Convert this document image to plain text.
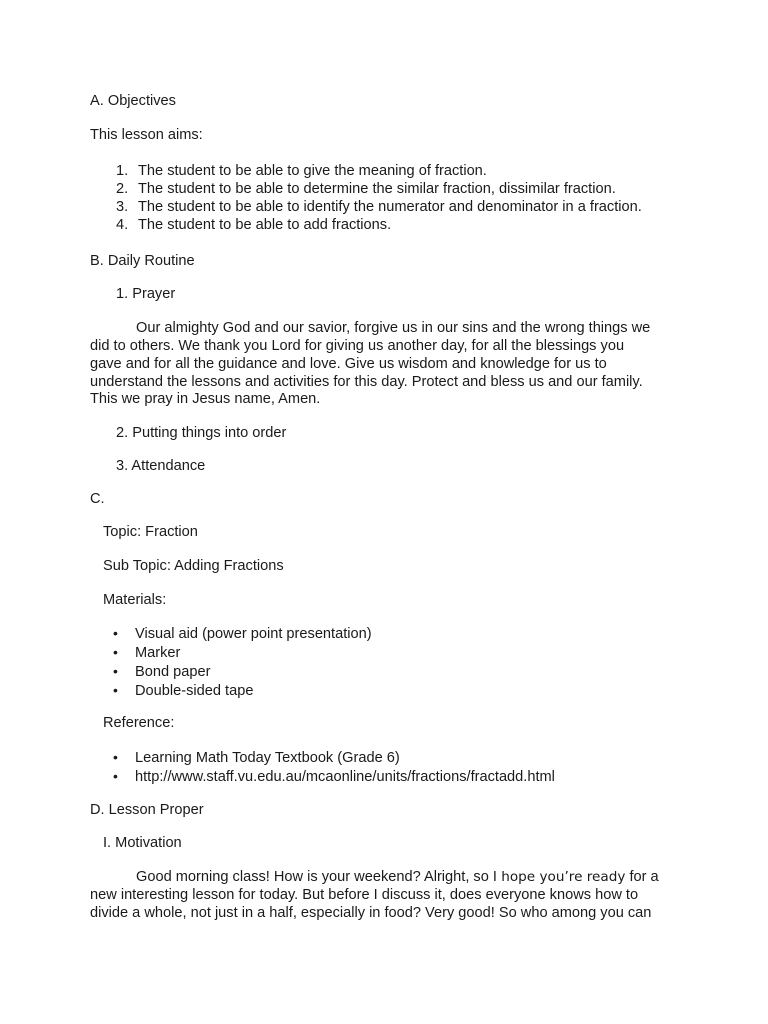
A. Objectives
This lesson aims:
1. The student to be able to give the meaning of fraction.
2. The student to be able to determine the similar fraction, dissimilar fraction.
3. The student to be able to identify the numerator and denominator in a fraction.
4. The student to be able to add fractions.
B. Daily Routine
1. Prayer
Our almighty God and our savior, forgive us in our sins and the wrong things we
did to others. We thank you Lord for giving us another day, for all the blessings you
gave and for all the guidance and love. Give us wisdom and knowledge for us to
understand the lessons and activities for this day. Protect and bless us and our family.
This we pray in Jesus name, Amen.
2. Putting things into order
3. Attendance
C.
Topic: Fraction
Sub Topic: Adding Fractions
Materials:
• Visual aid (power point presentation)
• Marker
• Bond paper
• Double-sided tape
Reference:
• Learning Math Today Textbook (Grade 6)
• http://www.staff.vu.edu.au/mcaonline/units/fractions/fractadd.html
D. Lesson Proper
I. Motivation
Good morning class! How is your weekend? Alright, so I hope you’re ready for a
new interesting lesson for today. But before I discuss it, does everyone knows how to
divide a whole, not just in a half, especially in food? Very good! So who among you can
